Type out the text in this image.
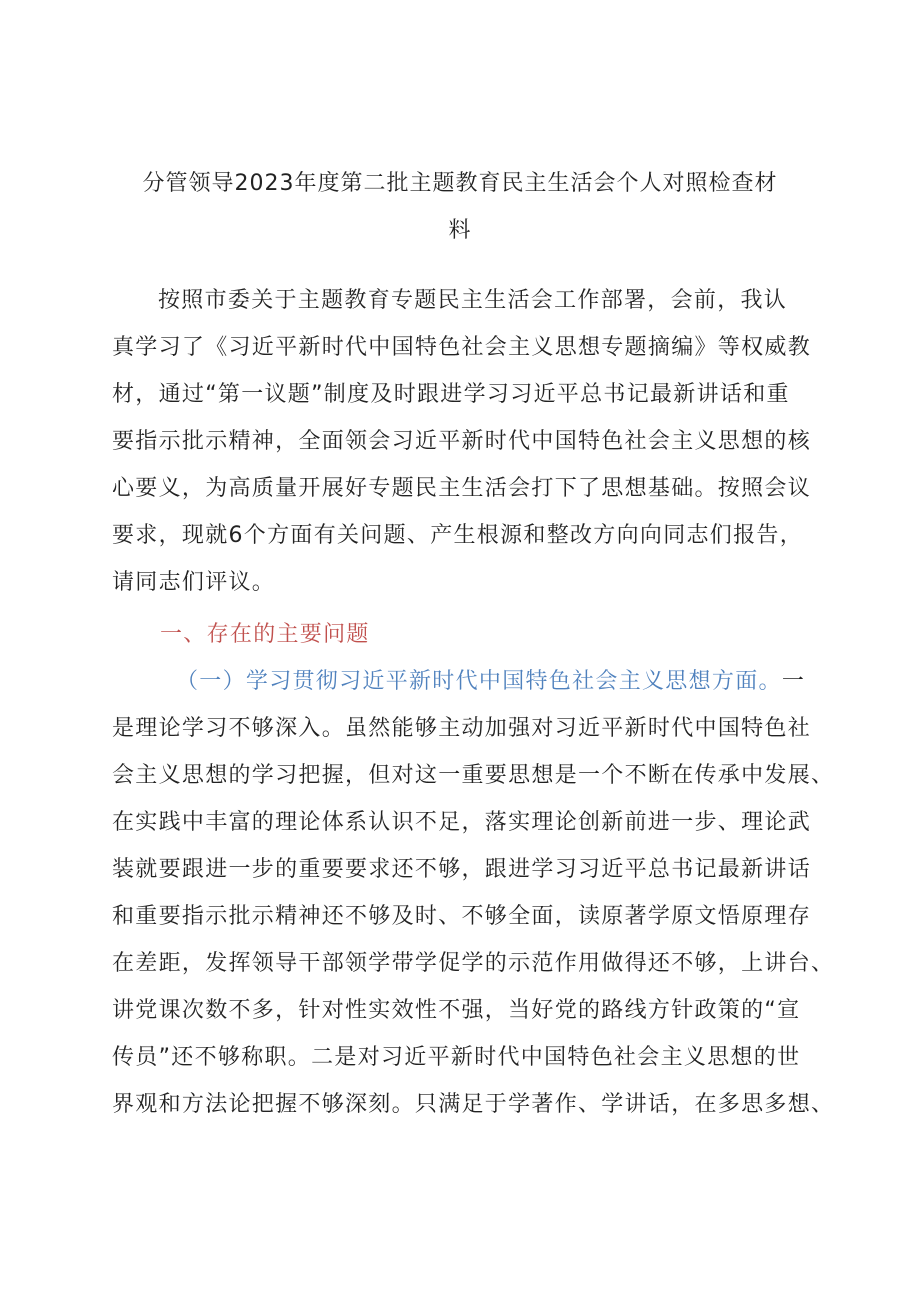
分管领导2023年度第二批主题教育民主生活会个人对照检查材
料
按照市委关于主题教育专题民主生活会工作部署，会前，我认
真学习了《习近平新时代中国特色社会主义思想专题摘编》等权威教
材，通过“第一议题”制度及时跟进学习习近平总书记最新讲话和重
要指示批示精神，全面领会习近平新时代中国特色社会主义思想的核
心要义，为高质量开展好专题民主生活会打下了思想基础。按照会议
要求，现就6个方面有关问题、产生根源和整改方向向同志们报告，
请同志们评议。
一、存在的主要问题
（一）学习贯彻习近平新时代中国特色社会主义思想方面。一
是理论学习不够深入。虽然能够主动加强对习近平新时代中国特色社
会主义思想的学习把握，但对这一重要思想是一个不断在传承中发展、
在实践中丰富的理论体系认识不足，落实理论创新前进一步、理论武
装就要跟进一步的重要要求还不够，跟进学习习近平总书记最新讲话
和重要指示批示精神还不够及时、不够全面，读原著学原文悟原理存
在差距，发挥领导干部领学带学促学的示范作用做得还不够，上讲台、
讲党课次数不多，针对性实效性不强，当好党的路线方针政策的“宣
传员”还不够称职。二是对习近平新时代中国特色社会主义思想的世
界观和方法论把握不够深刻。只满足于学著作、学讲话，在多思多想、
